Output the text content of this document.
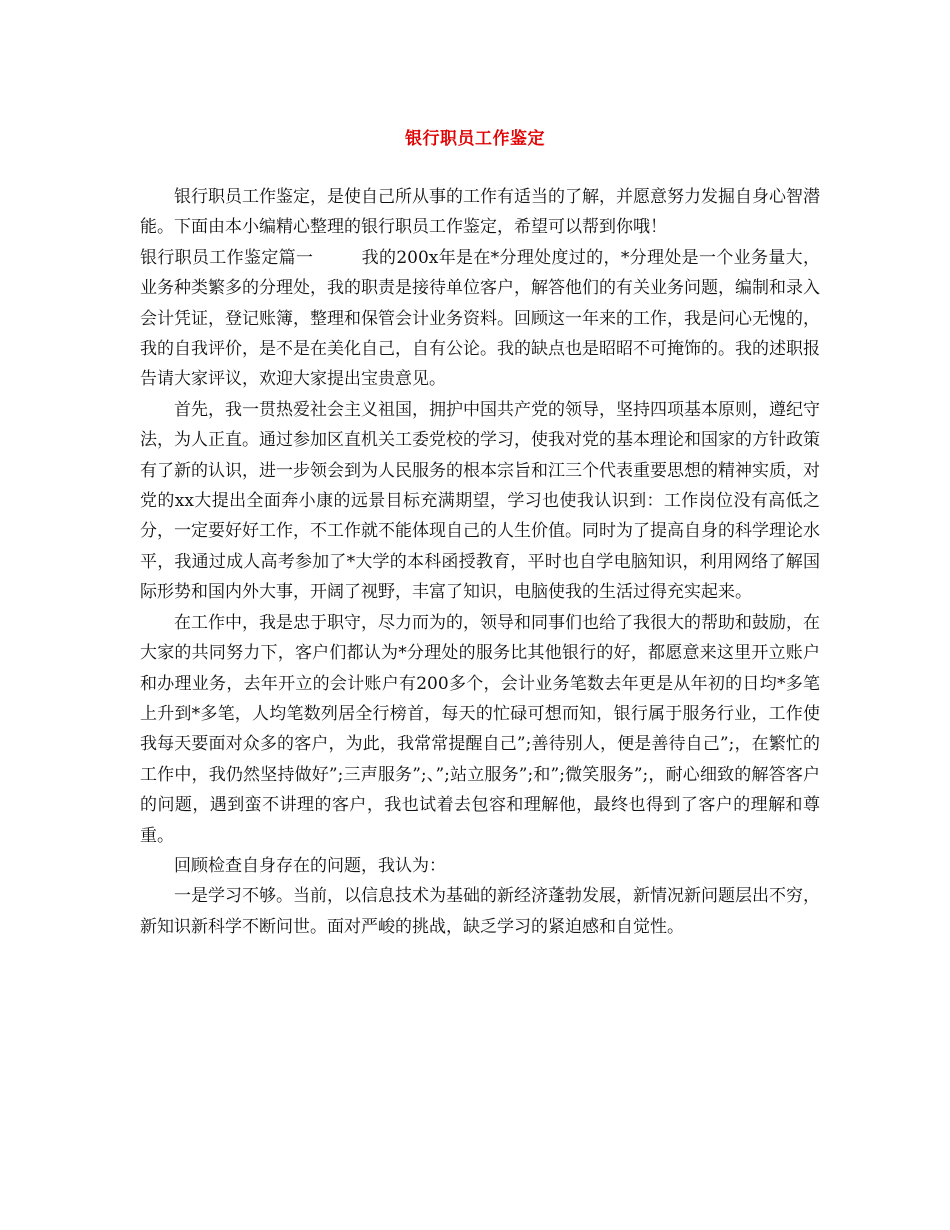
银行职员工作鉴定

银行职员工作鉴定，是使自己所从事的工作有适当的了解，并愿意努力发掘自身心智潜能。下面由本小编精心整理的银行职员工作鉴定，希望可以帮到你哦！

银行职员工作鉴定篇一	我的200x年是在*分理处度过的，*分理处是一个业务量大，业务种类繁多的分理处，我的职责是接待单位客户，解答他们的有关业务问题，编制和录入会计凭证，登记账簿，整理和保管会计业务资料。回顾这一年来的工作，我是问心无愧的，我的自我评价，是不是在美化自己，自有公论。我的缺点也是昭昭不可掩饰的。我的述职报告请大家评议，欢迎大家提出宝贵意见。

首先，我一贯热爱社会主义祖国，拥护中国共产党的领导，坚持四项基本原则，遵纪守法，为人正直。通过参加区直机关工委党校的学习，使我对党的基本理论和国家的方针政策有了新的认识，进一步领会到为人民服务的根本宗旨和江三个代表重要思想的精神实质，对党的xx大提出全面奔小康的远景目标充满期望，学习也使我认识到：工作岗位没有高低之分，一定要好好工作，不工作就不能体现自己的人生价值。同时为了提高自身的科学理论水平，我通过成人高考参加了*大学的本科函授教育，平时也自学电脑知识，利用网络了解国际形势和国内外大事，开阔了视野，丰富了知识，电脑使我的生活过得充实起来。

在工作中，我是忠于职守，尽力而为的，领导和同事们也给了我很大的帮助和鼓励，在大家的共同努力下，客户们都认为*分理处的服务比其他银行的好，都愿意来这里开立账户和办理业务，去年开立的会计账户有200多个，会计业务笔数去年更是从年初的日均*多笔上升到*多笔，人均笔数列居全行榜首，每天的忙碌可想而知，银行属于服务行业，工作使我每天要面对众多的客户，为此，我常常提醒自己”;善待别人，便是善待自己”;，在繁忙的工作中，我仍然坚持做好”;三声服务”;、”;站立服务”;和”;微笑服务”;，耐心细致的解答客户的问题，遇到蛮不讲理的客户，我也试着去包容和理解他，最终也得到了客户的理解和尊重。

回顾检查自身存在的问题，我认为：

一是学习不够。当前，以信息技术为基础的新经济蓬勃发展，新情况新问题层出不穷，新知识新科学不断问世。面对严峻的挑战，缺乏学习的紧迫感和自觉性。
